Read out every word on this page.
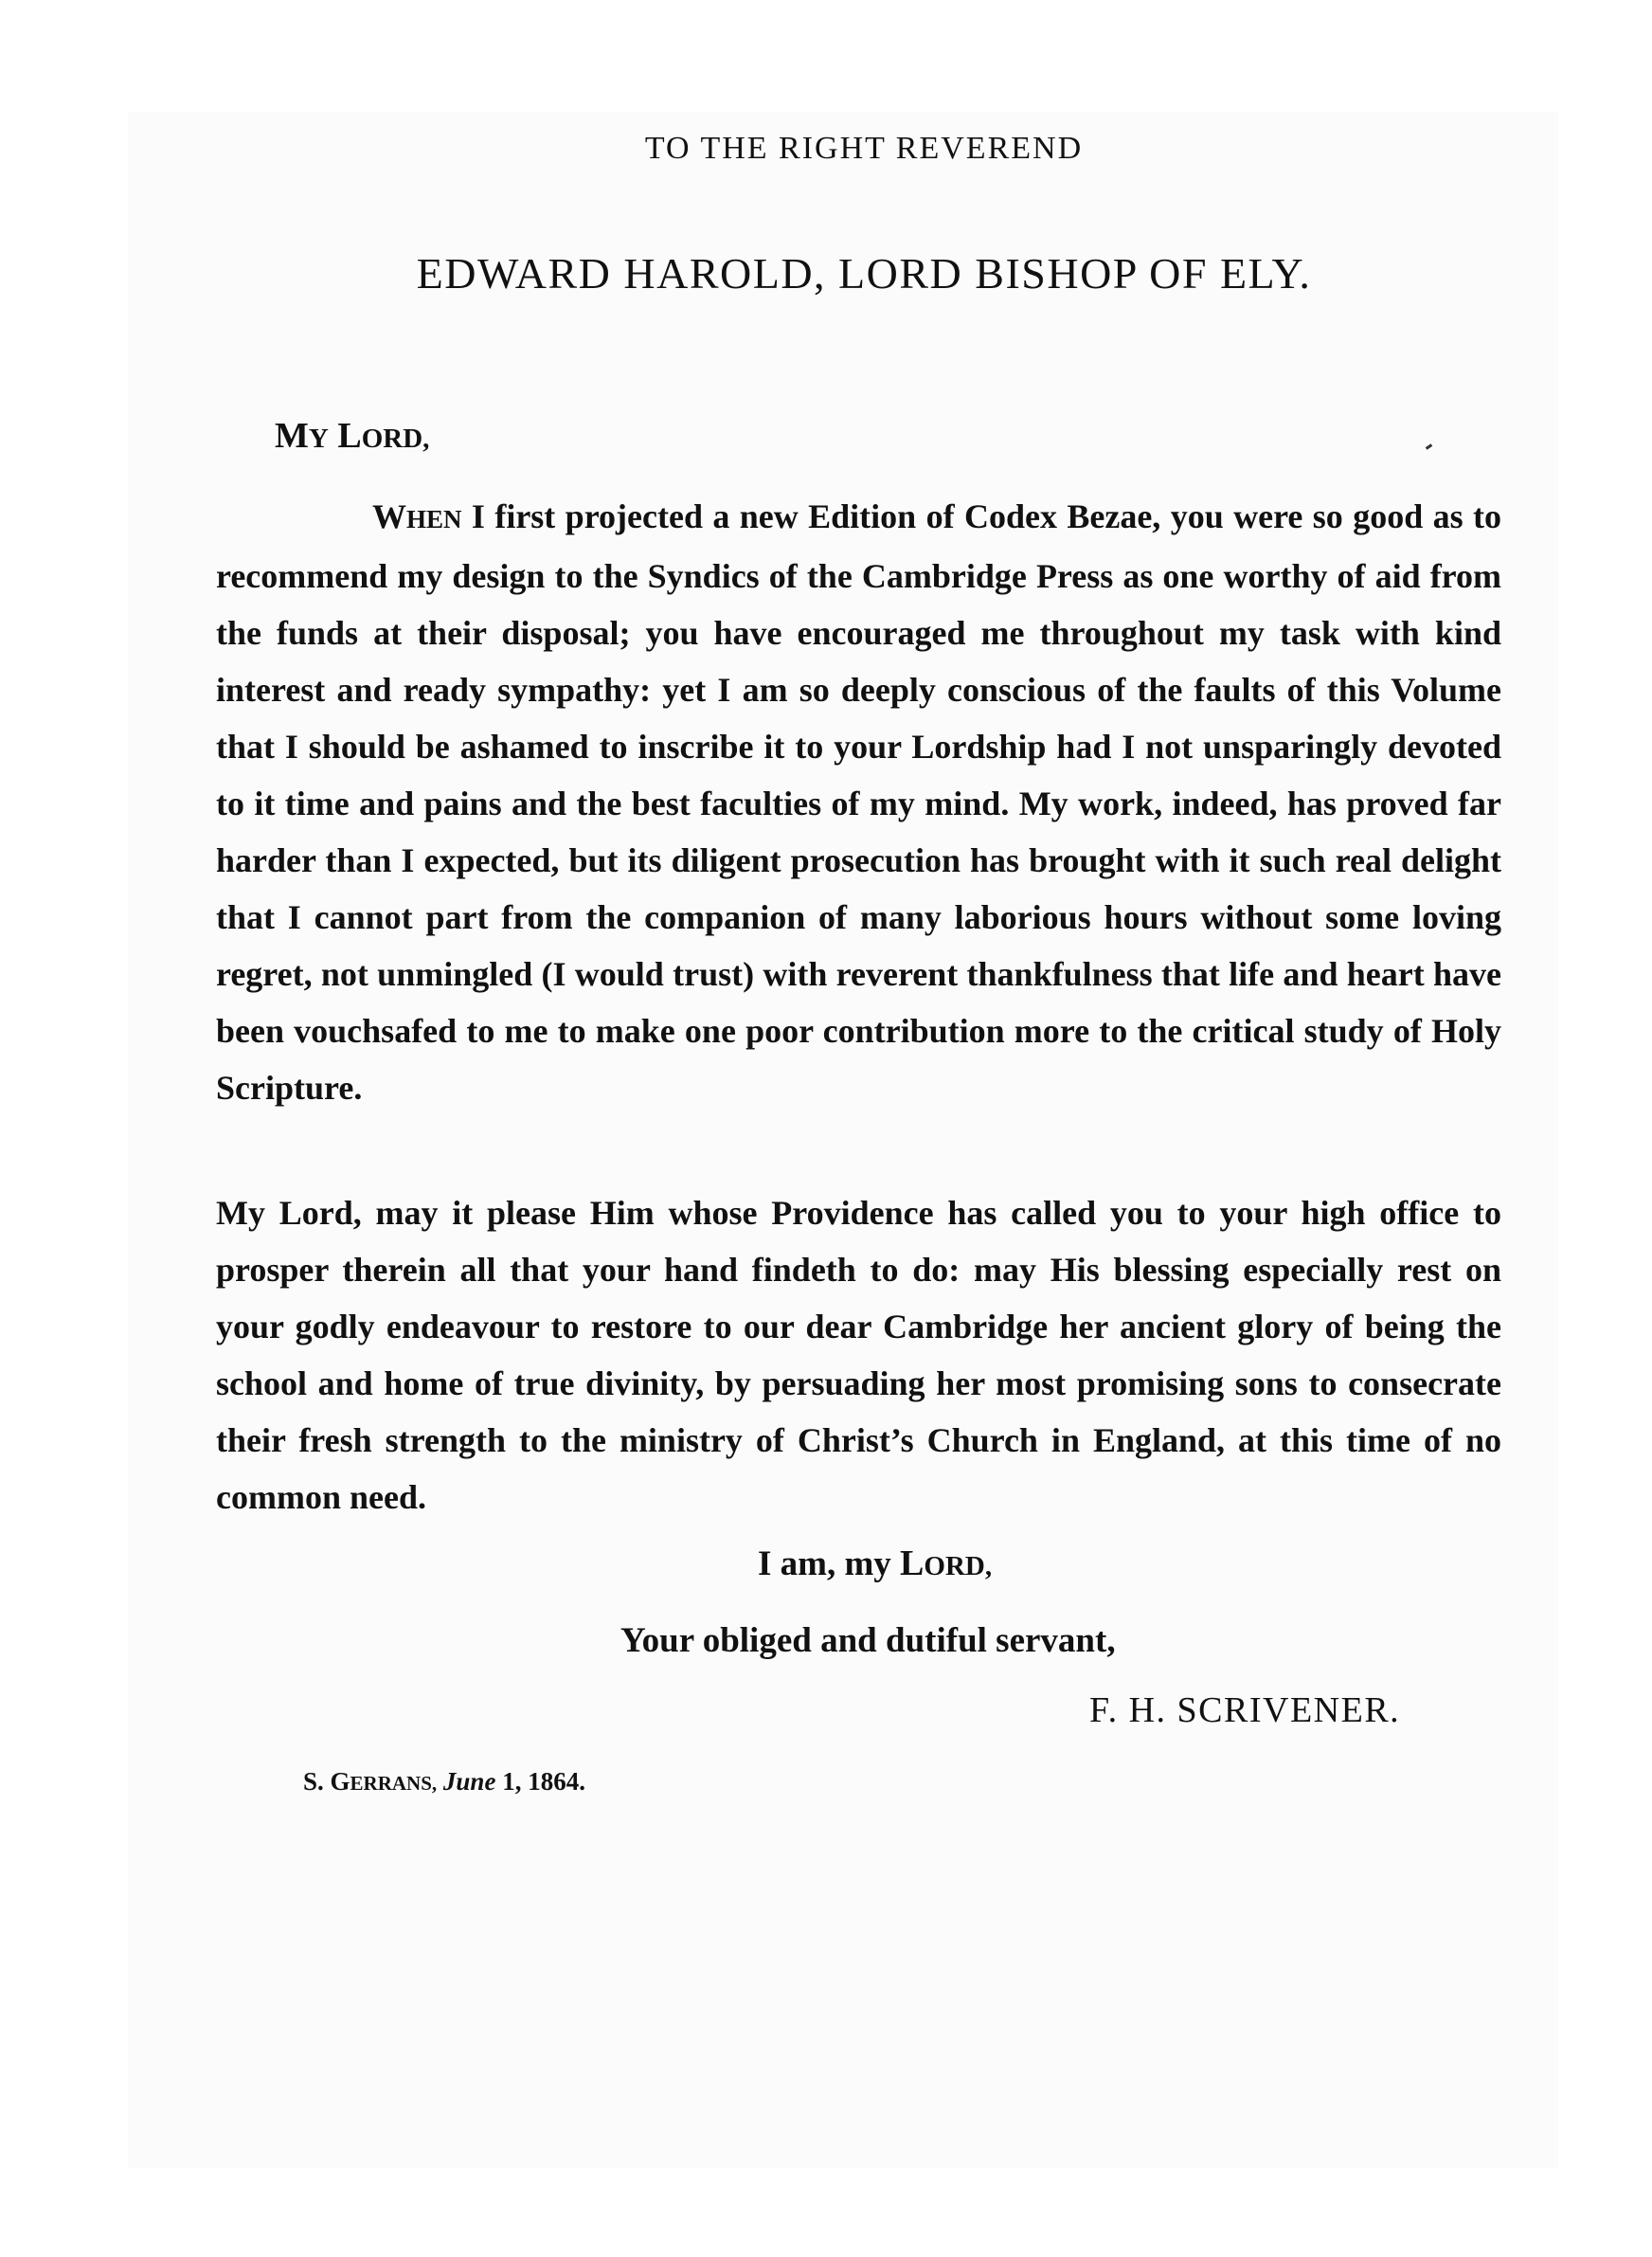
TO THE RIGHT REVEREND
EDWARD HAROLD, LORD BISHOP OF ELY.
MY LORD,

WHEN I first projected a new Edition of Codex Bezae, you were so good as to recommend my design to the Syndics of the Cambridge Press as one worthy of aid from the funds at their disposal; you have encouraged me throughout my task with kind interest and ready sympathy: yet I am so deeply conscious of the faults of this Volume that I should be ashamed to inscribe it to your Lordship had I not unsparingly devoted to it time and pains and the best faculties of my mind. My work, indeed, has proved far harder than I expected, but its diligent prosecution has brought with it such real delight that I cannot part from the companion of many laborious hours without some loving regret, not unmingled (I would trust) with reverent thankfulness that life and heart have been vouchsafed to me to make one poor contribution more to the critical study of Holy Scripture.

My Lord, may it please Him whose Providence has called you to your high office to prosper therein all that your hand findeth to do: may His blessing especially rest on your godly endeavour to restore to our dear Cambridge her ancient glory of being the school and home of true divinity, by persuading her most promising sons to consecrate their fresh strength to the ministry of Christ’s Church in England, at this time of no common need.

I am, my LORD,
Your obliged and dutiful servant,
F. H. SCRIVENER.
S. GERRANS, June 1, 1864.
